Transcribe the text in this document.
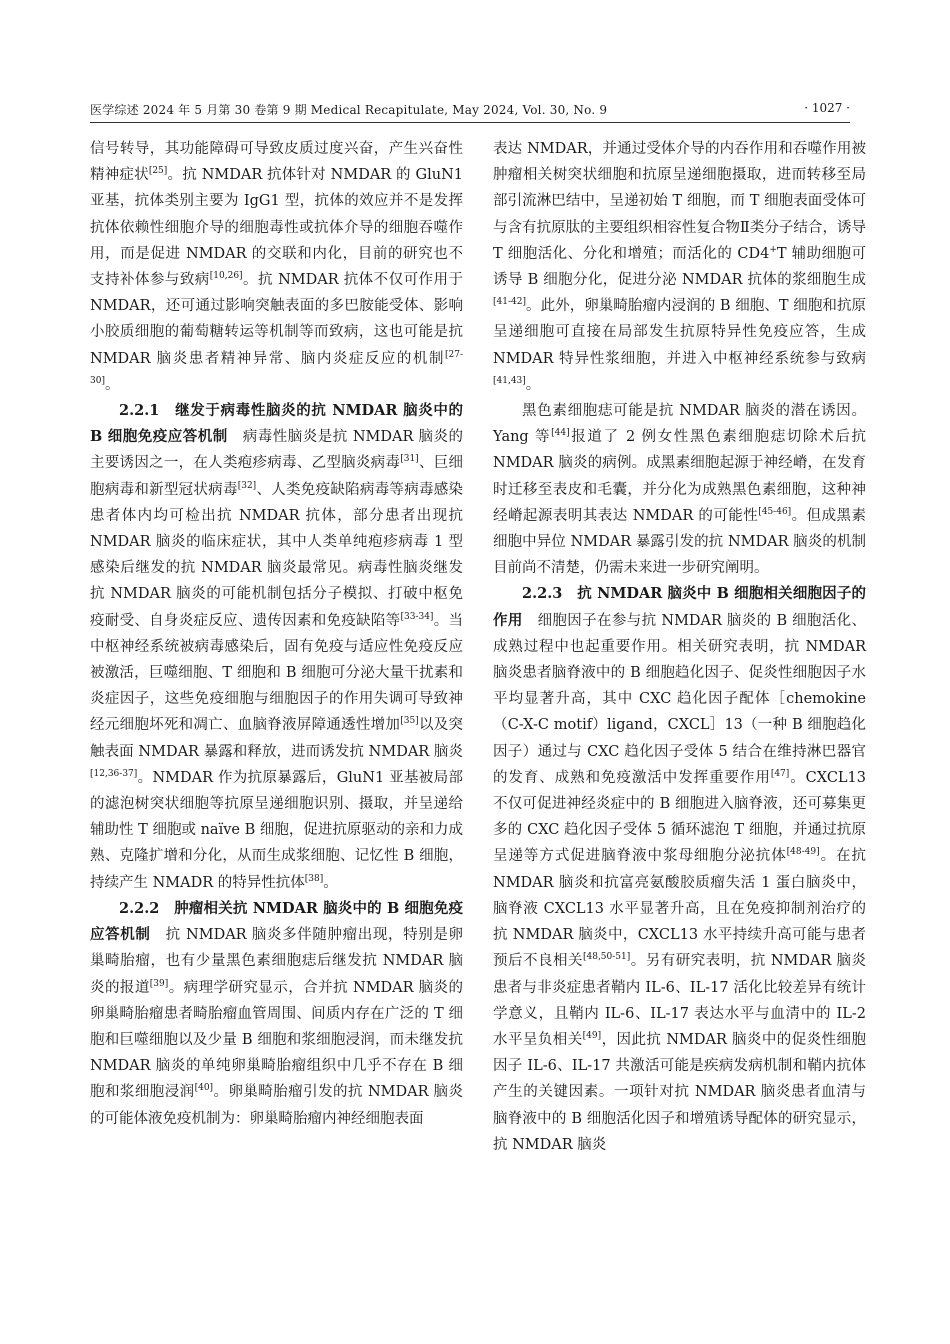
医学综述 2024 年 5 月第 30 卷第 9 期 Medical Recapitulate, May 2024, Vol. 30, No. 9	· 1027 ·

信号转导，其功能障碍可导致皮质过度兴奋，产生兴奋性精神症状[25]。抗 NMDAR 抗体针对 NMDAR 的 GluN1 亚基，抗体类别主要为 IgG1 型，抗体的效应并不是发挥抗体依赖性细胞介导的细胞毒性或抗体介导的细胞吞噬作用，而是促进 NMDAR 的交联和内化，目前的研究也不支持补体参与致病[10,26]。抗 NMDAR 抗体不仅可作用于 NMDAR，还可通过影响突触表面的多巴胺能受体、影响小胶质细胞的葡萄糖转运等机制等而致病，这也可能是抗 NMDAR 脑炎患者精神异常、脑内炎症反应的机制[27-30]。

2.2.1　继发于病毒性脑炎的抗 NMDAR 脑炎中的 B 细胞免疫应答机制　病毒性脑炎是抗 NMDAR 脑炎的主要诱因之一，在人类疱疹病毒、乙型脑炎病毒[31]、巨细胞病毒和新型冠状病毒[32]、人类免疫缺陷病毒等病毒感染患者体内均可检出抗 NMDAR 抗体，部分患者出现抗 NMDAR 脑炎的临床症状，其中人类单纯疱疹病毒 1 型感染后继发的抗 NMDAR 脑炎最常见。病毒性脑炎继发抗 NMDAR 脑炎的可能机制包括分子模拟、打破中枢免疫耐受、自身炎症反应、遗传因素和免疫缺陷等[33-34]。当中枢神经系统被病毒感染后，固有免疫与适应性免疫反应被激活，巨噬细胞、T 细胞和 B 细胞可分泌大量干扰素和炎症因子，这些免疫细胞与细胞因子的作用失调可导致神经元细胞坏死和凋亡、血脑脊液屏障通透性增加[35]以及突触表面 NMDAR 暴露和释放，进而诱发抗 NMDAR 脑炎[12,36-37]。NMDAR 作为抗原暴露后，GluN1 亚基被局部的滤泡树突状细胞等抗原呈递细胞识别、摄取，并呈递给辅助性 T 细胞或 naïve B 细胞，促进抗原驱动的亲和力成熟、克隆扩增和分化，从而生成浆细胞、记忆性 B 细胞，持续产生 NMADR 的特异性抗体[38]。

2.2.2　肿瘤相关抗 NMDAR 脑炎中的 B 细胞免疫应答机制　抗 NMDAR 脑炎多伴随肿瘤出现，特别是卵巢畸胎瘤，也有少量黑色素细胞痣后继发抗 NMDAR 脑炎的报道[39]。病理学研究显示，合并抗 NMDAR 脑炎的卵巢畸胎瘤患者畸胎瘤血管周围、间质内存在广泛的 T 细胞和巨噬细胞以及少量 B 细胞和浆细胞浸润，而未继发抗 NMDAR 脑炎的单纯卵巢畸胎瘤组织中几乎不存在 B 细胞和浆细胞浸润[40]。卵巢畸胎瘤引发的抗 NMDAR 脑炎的可能体液免疫机制为：卵巢畸胎瘤内神经细胞表面

表达 NMDAR，并通过受体介导的内吞作用和吞噬作用被肿瘤相关树突状细胞和抗原呈递细胞摄取，进而转移至局部引流淋巴结中，呈递初始 T 细胞，而 T 细胞表面受体可与含有抗原肽的主要组织相容性复合物Ⅱ类分子结合，诱导 T 细胞活化、分化和增殖；而活化的 CD4+T 辅助细胞可诱导 B 细胞分化，促进分泌 NMDAR 抗体的浆细胞生成[41-42]。此外，卵巢畸胎瘤内浸润的 B 细胞、T 细胞和抗原呈递细胞可直接在局部发生抗原特异性免疫应答，生成 NMDAR 特异性浆细胞，并进入中枢神经系统参与致病[41,43]。

黑色素细胞痣可能是抗 NMDAR 脑炎的潜在诱因。Yang 等[44]报道了 2 例女性黑色素细胞痣切除术后抗 NMDAR 脑炎的病例。成黑素细胞起源于神经嵴，在发育时迁移至表皮和毛囊，并分化为成熟黑色素细胞，这种神经嵴起源表明其表达 NMDAR 的可能性[45-46]。但成黑素细胞中异位 NMDAR 暴露引发的抗 NMDAR 脑炎的机制目前尚不清楚，仍需未来进一步研究阐明。

2.2.3　抗 NMDAR 脑炎中 B 细胞相关细胞因子的作用　细胞因子在参与抗 NMDAR 脑炎的 B 细胞活化、成熟过程中也起重要作用。相关研究表明，抗 NMDAR 脑炎患者脑脊液中的 B 细胞趋化因子、促炎性细胞因子水平均显著升高，其中 CXC 趋化因子配体［chemokine（C-X-C motif）ligand，CXCL］13（一种 B 细胞趋化因子）通过与 CXC 趋化因子受体 5 结合在维持淋巴器官的发育、成熟和免疫激活中发挥重要作用[47]。CXCL13 不仅可促进神经炎症中的 B 细胞进入脑脊液，还可募集更多的 CXC 趋化因子受体 5 循环滤泡 T 细胞，并通过抗原呈递等方式促进脑脊液中浆母细胞分泌抗体[48-49]。在抗 NMDAR 脑炎和抗富亮氨酸胶质瘤失活 1 蛋白脑炎中，脑脊液 CXCL13 水平显著升高，且在免疫抑制剂治疗的抗 NMDAR 脑炎中，CXCL13 水平持续升高可能与患者预后不良相关[48,50-51]。另有研究表明，抗 NMDAR 脑炎患者与非炎症患者鞘内 IL-6、IL-17 活化比较差异有统计学意义，且鞘内 IL-6、IL-17 表达水平与血清中的 IL-2 水平呈负相关[49]，因此抗 NMDAR 脑炎中的促炎性细胞因子 IL-6、IL-17 共激活可能是疾病发病机制和鞘内抗体产生的关键因素。一项针对抗 NMDAR 脑炎患者血清与脑脊液中的 B 细胞活化因子和增殖诱导配体的研究显示，抗 NMDAR 脑炎
